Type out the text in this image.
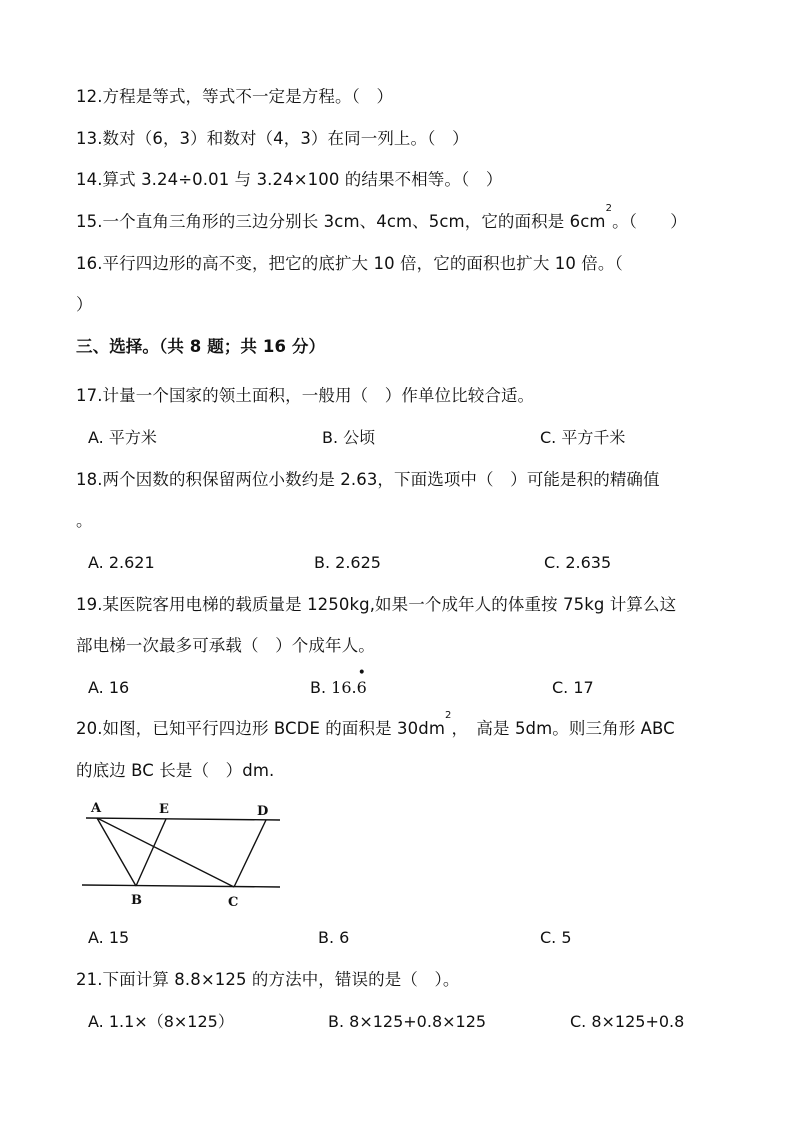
12.方程是等式，等式不一定是方程。（　）
13.数对（6，3）和数对（4，3）在同一列上。（　）
14.算式 3.24÷0.01 与 3.24×100 的结果不相等。（　）
15.一个直角三角形的三边分别长 3cm、4cm、5cm，它的面积是 $6cm^2$。（　　）
16.平行四边形的高不变，把它的底扩大 10 倍，它的面积也扩大 10 倍。（
）
三、选择。（共 8 题；共 16 分）
17.计量一个国家的领土面积，一般用（　）作单位比较合适。
A. 平方米	B. 公顷	C. 平方千米
18.两个因数的积保留两位小数约是 2.63，下面选项中（　）可能是积的精确值
。
A. 2.621	B. 2.625	C. 2.635
19.某医院客用电梯的载质量是 1250kg,如果一个成年人的体重按 75kg 计算么这
部电梯一次最多可承载（　）个成年人。
A. 16	B. 16.
•
6	C. 17
20.如图，已知平行四边形 BCDE 的面积是 $30dm^2$，　高是 5dm。则三角形 ABC
的底边 BC 长是（　）dm.
A	E	D
B	C
A. 15	B. 6	C. 5
21.下面计算 8.8×125 的方法中，错误的是（　）。
A. 1.1×（8×125）	B. 8×125+0.8×125	C. 8×125+0.8
